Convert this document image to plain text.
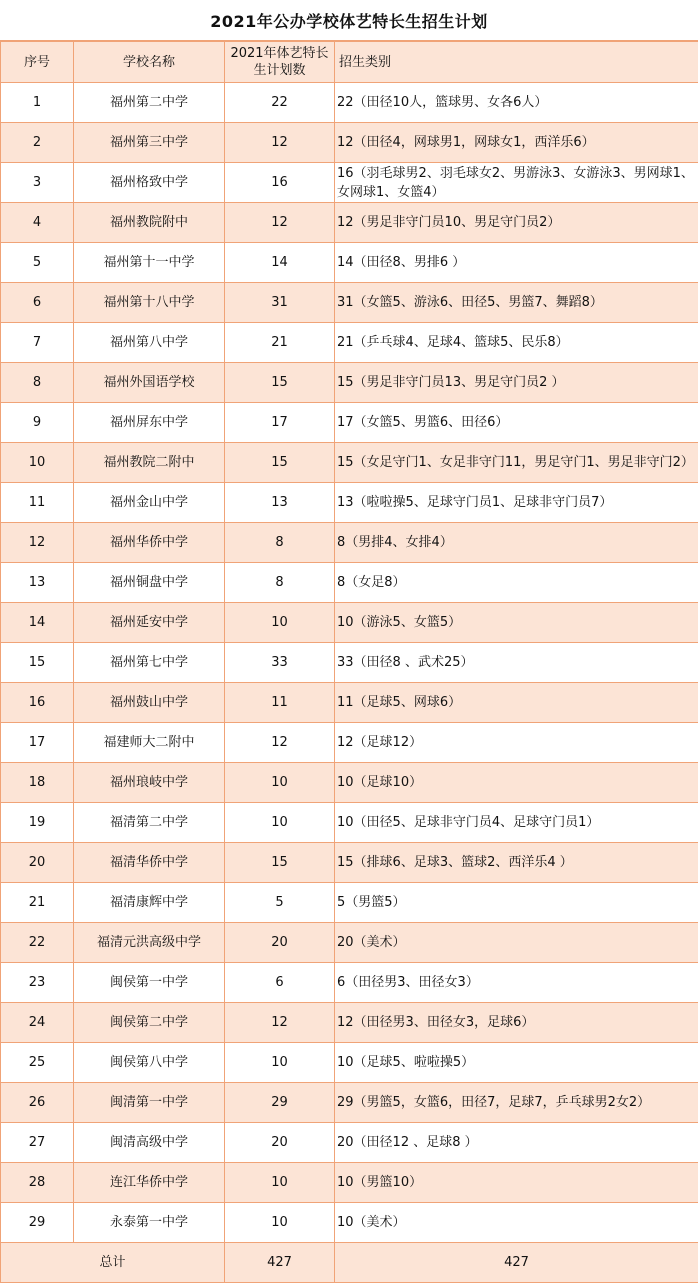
2021年公办学校体艺特长生招生计划
序号	学校名称	2021年体艺特长生计划数	招生类别
1	福州第二中学	22	22（田径10人，篮球男、女各6人）
2	福州第三中学	12	12（田径4，网球男1，网球女1，西洋乐6）
3	福州格致中学	16	16（羽毛球男2、羽毛球女2、男游泳3、女游泳3、男网球1、女网球1、女篮4）
4	福州教院附中	12	12（男足非守门员10、男足守门员2）
5	福州第十一中学	14	14（田径8、男排6 ）
6	福州第十八中学	31	31（女篮5、游泳6、田径5、男篮7、舞蹈8）
7	福州第八中学	21	21（乒乓球4、足球4、篮球5、民乐8）
8	福州外国语学校	15	15（男足非守门员13、男足守门员2 ）
9	福州屏东中学	17	17（女篮5、男篮6、田径6）
10	福州教院二附中	15	15（女足守门1、女足非守门11，男足守门1、男足非守门2）
11	福州金山中学	13	13（啦啦操5、足球守门员1、足球非守门员7）
12	福州华侨中学	8	8（男排4、女排4）
13	福州铜盘中学	8	8（女足8）
14	福州延安中学	10	10（游泳5、女篮5）
15	福州第七中学	33	33（田径8 、武术25）
16	福州鼓山中学	11	11（足球5、网球6）
17	福建师大二附中	12	12（足球12）
18	福州琅岐中学	10	10（足球10）
19	福清第二中学	10	10（田径5、足球非守门员4、足球守门员1）
20	福清华侨中学	15	15（排球6、足球3、篮球2、西洋乐4 ）
21	福清康辉中学	5	5（男篮5）
22	福清元洪高级中学	20	20（美术）
23	闽侯第一中学	6	6（田径男3、田径女3）
24	闽侯第二中学	12	12（田径男3、田径女3，足球6）
25	闽侯第八中学	10	10（足球5、啦啦操5）
26	闽清第一中学	29	29（男篮5，女篮6，田径7，足球7，乒乓球男2女2）
27	闽清高级中学	20	20（田径12 、足球8 ）
28	连江华侨中学	10	10（男篮10）
29	永泰第一中学	10	10（美术）
总计		427	427
